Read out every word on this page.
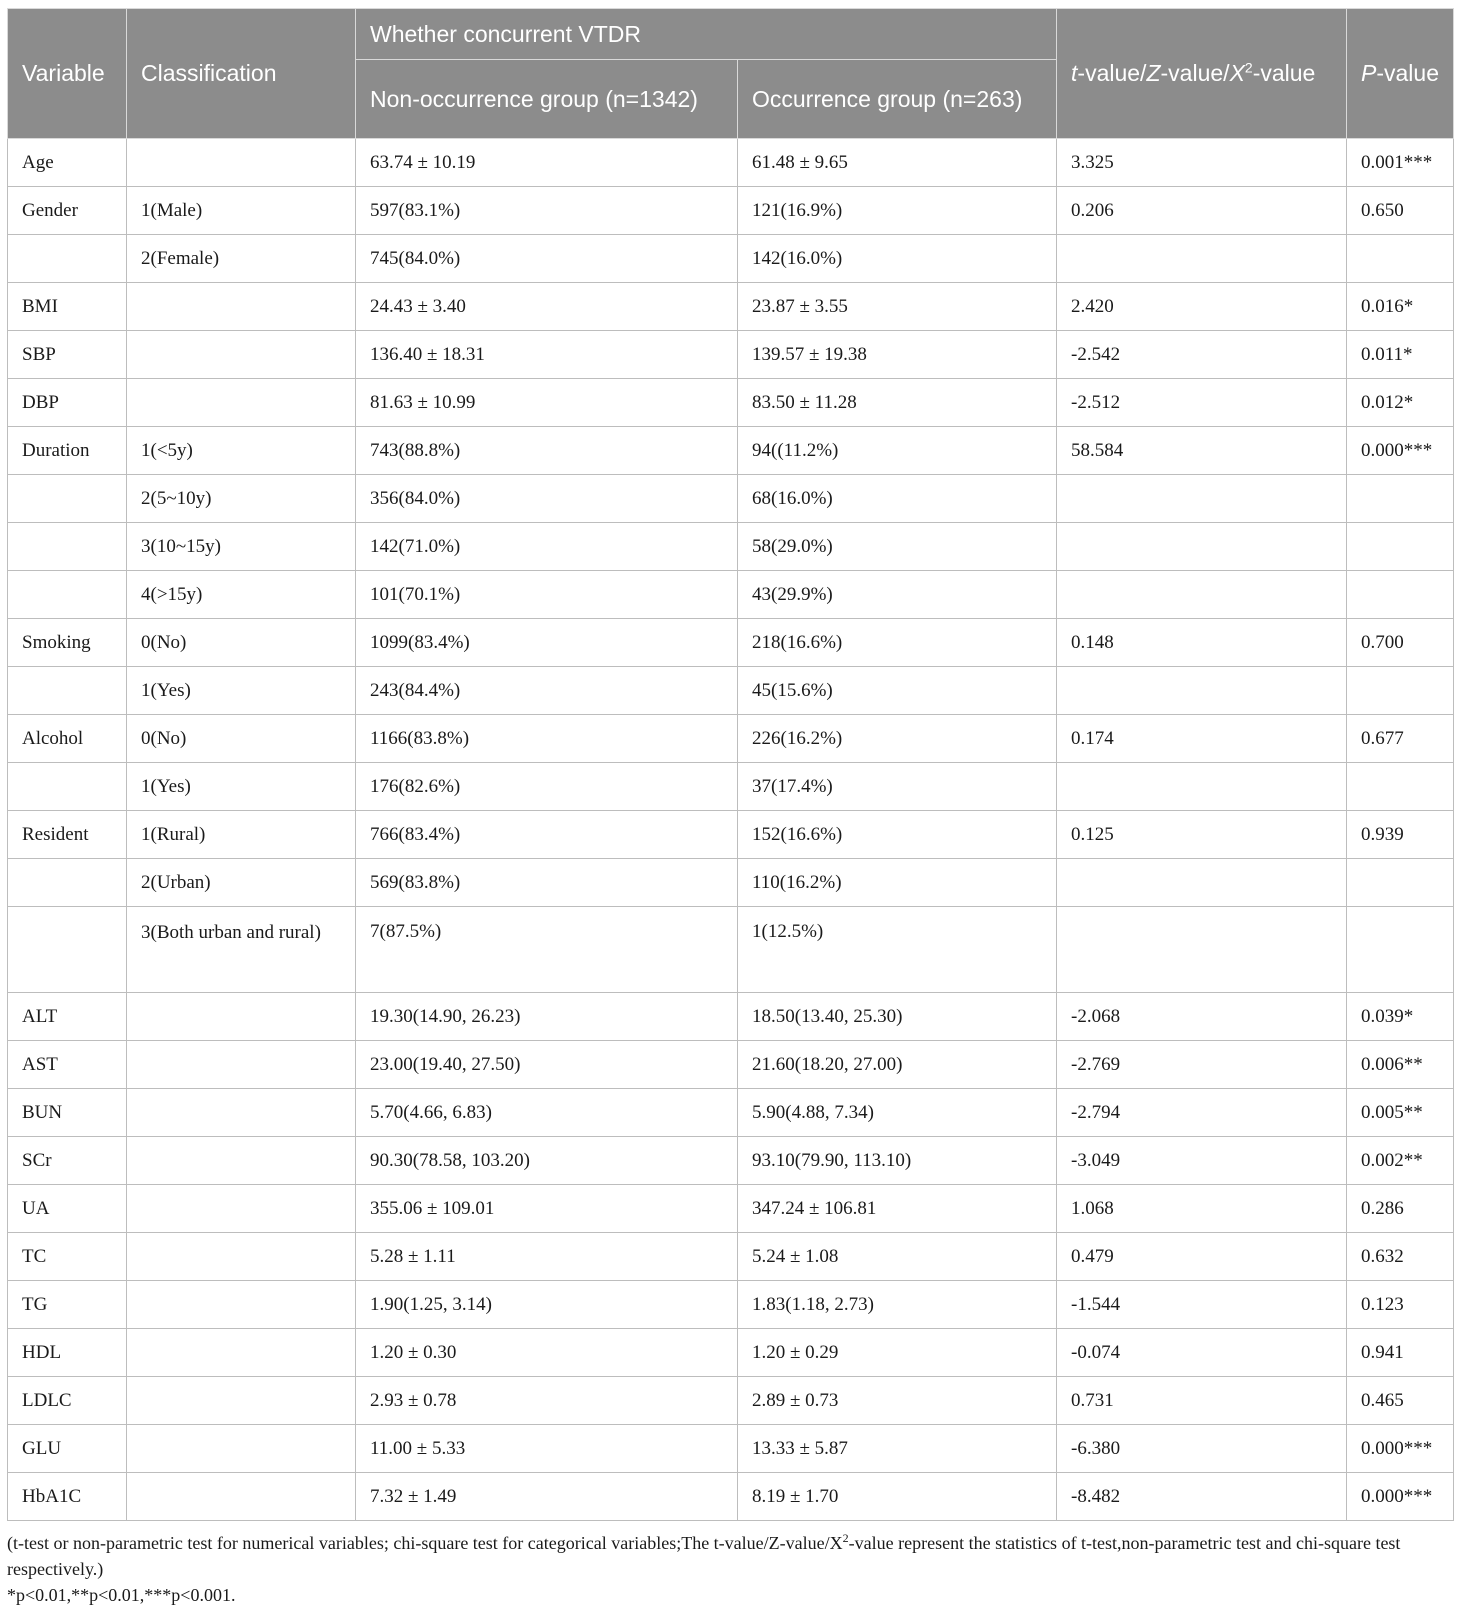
Variable	Classification	Whether concurrent VTDR		$t-value/Z-value/X^2$-value	P-value
		Non-occurrence group (n=1342)	Occurrence group (n=263)		
Age		63.74 ± 10.19	61.48 ± 9.65	3.325	0.001***
Gender	1(Male)	597(83.1%)	121(16.9%)	0.206	0.650
	2(Female)	745(84.0%)	142(16.0%)		
BMI		24.43 ± 3.40	23.87 ± 3.55	2.420	0.016*
SBP		136.40 ± 18.31	139.57 ± 19.38	-2.542	0.011*
DBP		81.63 ± 10.99	83.50 ± 11.28	-2.512	0.012*
Duration	1(<5y)	743(88.8%)	94((11.2%)	58.584	0.000***
	2(5~10y)	356(84.0%)	68(16.0%)		
	3(10~15y)	142(71.0%)	58(29.0%)		
	4(>15y)	101(70.1%)	43(29.9%)		
Smoking	0(No)	1099(83.4%)	218(16.6%)	0.148	0.700
	1(Yes)	243(84.4%)	45(15.6%)		
Alcohol	0(No)	1166(83.8%)	226(16.2%)	0.174	0.677
	1(Yes)	176(82.6%)	37(17.4%)		
Resident	1(Rural)	766(83.4%)	152(16.6%)	0.125	0.939
	2(Urban)	569(83.8%)	110(16.2%)		
	3(Both urban and rural)	7(87.5%)	1(12.5%)		
ALT		19.30(14.90, 26.23)	18.50(13.40, 25.30)	-2.068	0.039*
AST		23.00(19.40, 27.50)	21.60(18.20, 27.00)	-2.769	0.006**
BUN		5.70(4.66, 6.83)	5.90(4.88, 7.34)	-2.794	0.005**
SCr		90.30(78.58, 103.20)	93.10(79.90, 113.10)	-3.049	0.002**
UA		355.06 ± 109.01	347.24 ± 106.81	1.068	0.286
TC		5.28 ± 1.11	5.24 ± 1.08	0.479	0.632
TG		1.90(1.25, 3.14)	1.83(1.18, 2.73)	-1.544	0.123
HDL		1.20 ± 0.30	1.20 ± 0.29	-0.074	0.941
LDLC		2.93 ± 0.78	2.89 ± 0.73	0.731	0.465
GLU		11.00 ± 5.33	13.33 ± 5.87	-6.380	0.000***
HbA1C		7.32 ± 1.49	8.19 ± 1.70	-8.482	0.000***
(t-test or non-parametric test for numerical variables; chi-square test for categorical variables;The $t-value/Z-value/X^2$-value represent the statistics of t-test,non-parametric test and chi-square test respectively.)
*p<0.01,**p<0.01,***p<0.001.
